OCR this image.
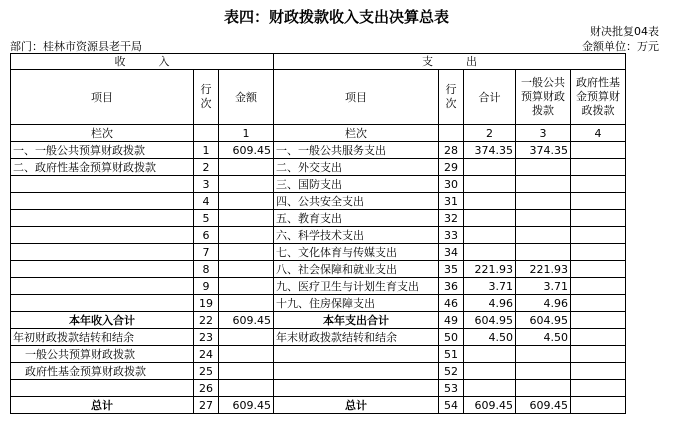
表四：财政拨款收入支出决算总表
财决批复04表
部门：桂林市资源县老干局	金额单位：万元
收　　　入			支　　　出				
项目	行次	金额	项目	行次	合计	一般公共预算财政拨款	政府性基金预算财政拨款
栏次		1	栏次		2	3	4
一、一般公共预算财政拨款	1	609.45	一、一般公共服务支出	28	374.35	374.35	
二、政府性基金预算财政拨款	2		二、外交支出	29			
	3		三、国防支出	30			
	4		四、公共安全支出	31			
	5		五、教育支出	32			
	6		六、科学技术支出	33			
	7		七、文化体育与传媒支出	34			
	8		八、社会保障和就业支出	35	221.93	221.93	
	9		九、医疗卫生与计划生育支出	36	3.71	3.71	
	19		十九、住房保障支出	46	4.96	4.96	
本年收入合计	22	609.45	本年支出合计	49	604.95	604.95	
年初财政拨款结转和结余	23		年末财政拨款结转和结余	50	4.50	4.50	
一般公共预算财政拨款	24			51			
政府性基金预算财政拨款	25			52			
	26			53			
总计	27	609.45	总计	54	609.45	609.45	
